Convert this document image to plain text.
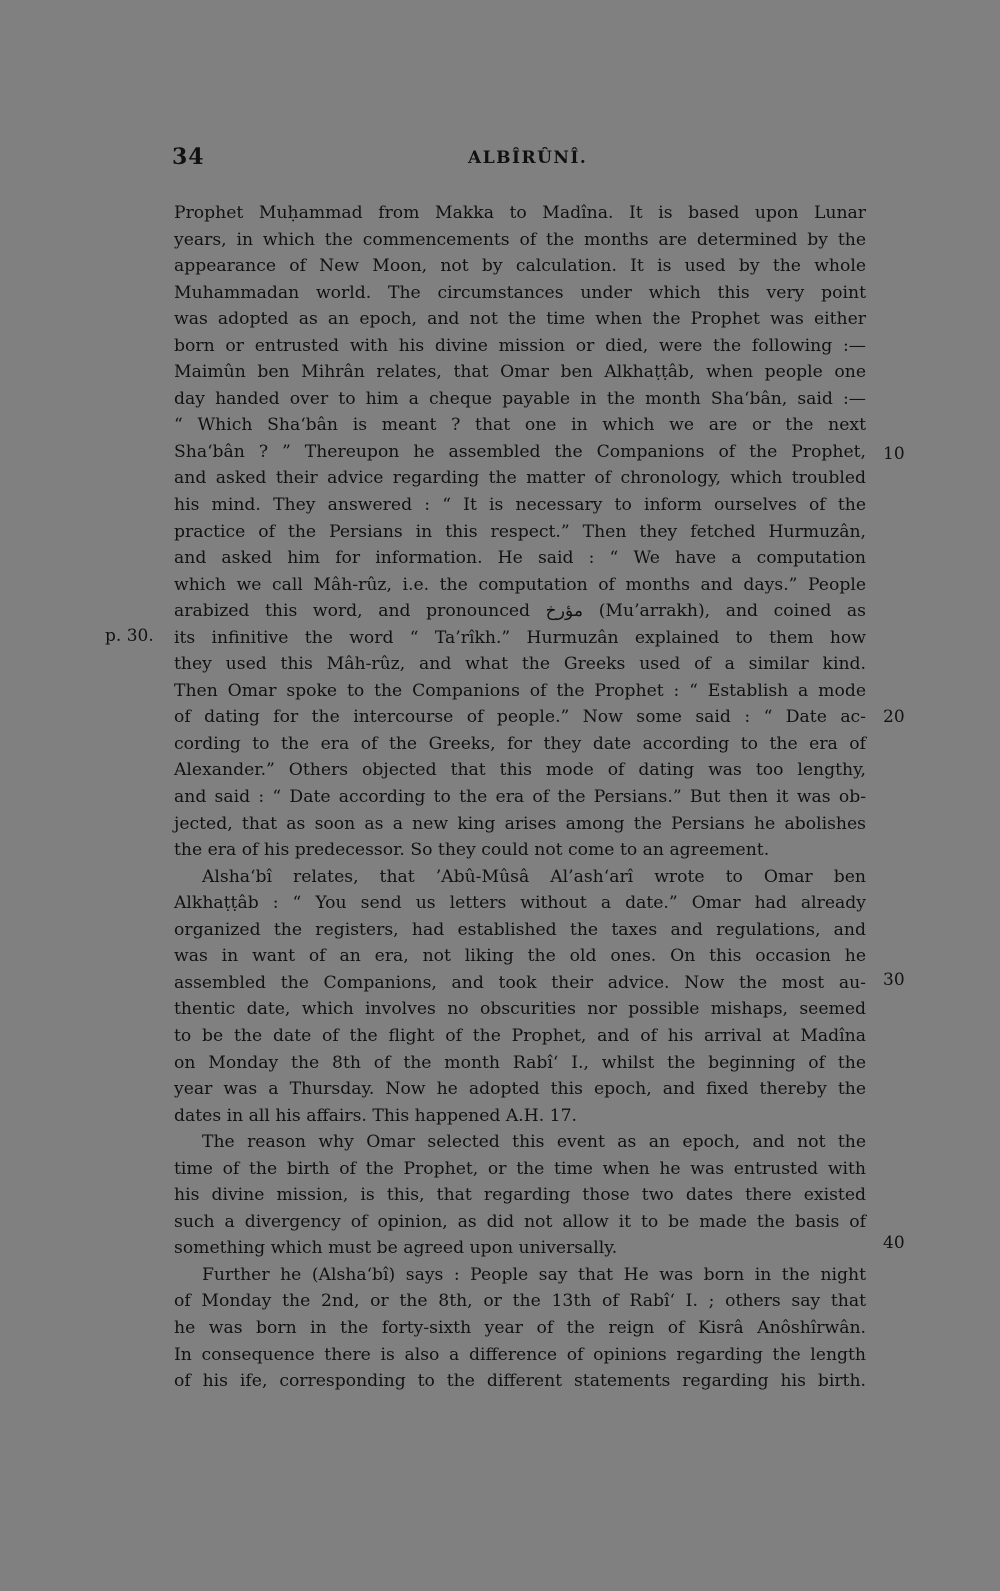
34	ALBÎRÛNÎ.
Prophet Muḥammad from Makka to Madîna. It is based upon Lunar
years, in which the commencements of the months are determined by the
appearance of New Moon, not by calculation. It is used by the whole
Muhammadan world. The circumstances under which this very point
was adopted as an epoch, and not the time when the Prophet was either
born or entrusted with his divine mission or died, were the following :—
Maimûn ben Mihrân relates, that Omar ben Alkhaṭṭâb, when people one
day handed over to him a cheque payable in the month Sha‘bân, said :—
“ Which Sha‘bân is meant ? that one in which we are or the next
Sha‘bân ? ” Thereupon he assembled the Companions of the Prophet,
and asked their advice regarding the matter of chronology, which troubled
his mind. They answered : “ It is necessary to inform ourselves of the
practice of the Persians in this respect.” Then they fetched Hurmuzân,
and asked him for information. He said : “ We have a computation
which we call Mâh-rûz, i.e. the computation of months and days.” People
arabized this word, and pronounced مؤرخ (Mu’arrakh), and coined as
its infinitive the word “ Ta’rîkh.” Hurmuzân explained to them how
they used this Mâh-rûz, and what the Greeks used of a similar kind.
Then Omar spoke to the Companions of the Prophet : “ Establish a mode
of dating for the intercourse of people.” Now some said : “ Date ac-
cording to the era of the Greeks, for they date according to the era of
Alexander.” Others objected that this mode of dating was too lengthy,
and said : “ Date according to the era of the Persians.” But then it was ob-
jected, that as soon as a new king arises among the Persians he abolishes
the era of his predecessor. So they could not come to an agreement.
Alsha‘bî relates, that ’Abû-Mûsâ Al’ash‘arî wrote to Omar ben
Alkhaṭṭâb : “ You send us letters without a date.” Omar had already
organized the registers, had established the taxes and regulations, and
was in want of an era, not liking the old ones. On this occasion he
assembled the Companions, and took their advice. Now the most au-
thentic date, which involves no obscurities nor possible mishaps, seemed
to be the date of the flight of the Prophet, and of his arrival at Madîna
on Monday the 8th of the month Rabî‘ I., whilst the beginning of the
year was a Thursday. Now he adopted this epoch, and fixed thereby the
dates in all his affairs. This happened A.H. 17.
The reason why Omar selected this event as an epoch, and not the
time of the birth of the Prophet, or the time when he was entrusted with
his divine mission, is this, that regarding those two dates there existed
such a divergency of opinion, as did not allow it to be made the basis of
something which must be agreed upon universally.
Further he (Alsha‘bî) says : People say that He was born in the night
of Monday the 2nd, or the 8th, or the 13th of Rabî‘ I. ; others say that
he was born in the forty-sixth year of the reign of Kisrâ Anôshîrwân.
In consequence there is also a difference of opinions regarding the length
of his ife, corresponding to the different statements regarding his birth.
p. 30.
10
20
30
40
